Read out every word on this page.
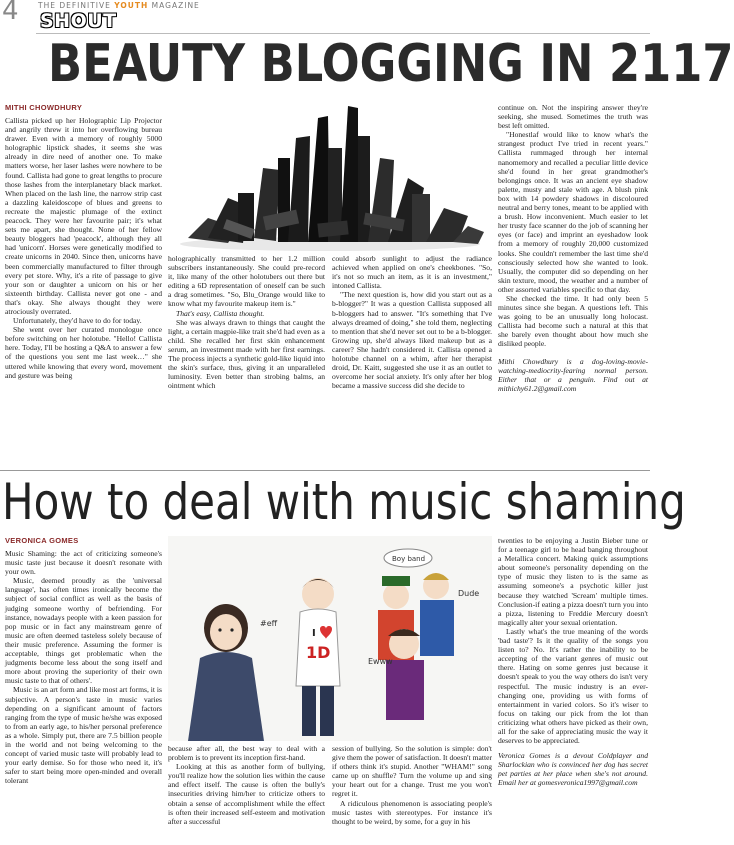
4	THE DEFINITIVE YOUTH MAGAZINE
SHOUT
BEAUTY BLOGGING IN 2117
MITHI CHOWDHURY

Callista picked up her Holographic Lip Projector and angrily threw it into her overflowing bureau drawer. Even with a memory of roughly 5000 holographic lipstick shades, it seems she was already in dire need of another one. To make matters worse, her laser lashes were nowhere to be found. Callista had gone to great lengths to procure those lashes from the interplanetary black market. When placed on the lash line, the narrow strip cast a dazzling kaleidoscope of blues and greens to recreate the majestic plumage of the extinct peacock. They were her favourite pair; it's what sets me apart, she thought. None of her fellow beauty bloggers had 'peacock', although they all had 'unicorn'. Horses were genetically modified to create unicorns in 2040. Since then, unicorns have been commercially manufactured to filter through every pet store. Why, it's a rite of passage to give your son or daughter a unicorn on his or her sixteenth birthday. Callista never got one - and that's okay. She always thought they were atrociously overrated.

Unfortunately, they'd have to do for today.

She went over her curated monologue once before switching on her holotube. "Hello! Callista here. Today, I'll be hosting a Q&A to answer a few of the questions you sent me last week…" she uttered while knowing that every word, movement and gesture was being

holographically transmitted to her 1.2 million subscribers instantaneously. She could pre-record it, like many of the other holotubers out there but editing a 6D representation of oneself can be such a drag sometimes. "So, Blu_Orange would like to know what my favourite makeup item is."

That's easy, Callista thought.

She was always drawn to things that caught the light, a certain magpie-like trait she'd had even as a child. She recalled her first skin enhancement serum, an investment made with her first earnings. The process injects a synthetic gold-like liquid into the skin's surface, thus, giving it an unparalleled luminosity. Even better than strobing balms, an ointment which

could absorb sunlight to adjust the radiance achieved when applied on one's cheekbones. "So, it's not so much an item, as it is an investment," intoned Callista.

"The next question is, how did you start out as a b-blogger?" It was a question Callista supposed all b-bloggers had to answer. "It's something that I've always dreamed of doing," she told them, neglecting to mention that she'd never set out to be a b-blogger. Growing up, she'd always liked makeup but as a career? She hadn't considered it. Callista opened a holotube channel on a whim, after her therapist droid, Dr. Kaitt, suggested she use it as an outlet to overcome her social anxiety. It's only after her blog became a massive success did she decide to

continue on. Not the inspiring answer they're seeking, she mused. Sometimes the truth was best left omitted.

"Honestlaf would like to know what's the strangest product I've tried in recent years." Callista rummaged through her internal nanomemory and recalled a peculiar little device she'd found in her great grandmother's belongings once. It was an ancient eye shadow palette, musty and stale with age. A blush pink box with 14 powdery shadows in discoloured neutral and berry tones, meant to be applied with a brush. How inconvenient. Much easier to let her trusty face scanner do the job of scanning her eyes (or face) and imprint an eyeshadow look from a memory of roughly 20,000 customized looks. She couldn't remember the last time she'd consciously selected how she wanted to look. Usually, the computer did so depending on her skin texture, mood, the weather and a number of other assorted variables specific to that day.

She checked the time. It had only been 5 minutes since she began. A questions left. This was going to be an unusually long holocast. Callista had become such a natural at this that she barely even thought about how much she disliked people.

Mithi Chowdhury is a dog-loving-movie-watching-mediocrity-fearing normal person. Either that or a penguin. Find out at mithichy61.2@gmail.com

How to deal with music shaming
VERONICA GOMES

Music Shaming: the act of criticizing someone's music taste just because it doesn't resonate with your own.

Music, deemed proudly as the 'universal language', has often times ironically become the subject of social conflict as well as the basis of judging someone worthy of befriending. For instance, nowadays people with a keen passion for pop music or in fact any mainstream genre of music are often deemed tasteless solely because of their music preference. Assuming the former is acceptable, things get problematic when the judgments become less about the song itself and more about proving the superiority of their own music taste to that of others'.

Music is an art form and like most art forms, it is subjective. A person's taste in music varies depending on a significant amount of factors ranging from the type of music he/she was exposed to from an early age, to his/her personal preference as a whole. Simply put, there are 7.5 billion people in the world and not being welcoming to the concept of varied music taste will probably lead to your early demise. So for those who need it, it's safer to start being more open-minded and overall tolerant

#eff
I
1D	Ewww
Boy band
Dude

because after all, the best way to deal with a problem is to prevent its inception first-hand.

Looking at this as another form of bullying, you'll realize how the solution lies within the cause and effect itself. The cause is often the bully's insecurities driving him/her to criticize others to obtain a sense of accomplishment while the effect is often their increased self-esteem and motivation after a successful

session of bullying. So the solution is simple: don't give them the power of satisfaction. It doesn't matter if others think it's stupid. Another "WHAM!" song came up on shuffle? Turn the volume up and sing your heart out for a change. Trust me you won't regret it.

A ridiculous phenomenon is associating people's music tastes with stereotypes. For instance it's thought to be weird, by some, for a guy in his

twenties to be enjoying a Justin Bieber tune or for a teenage girl to be head banging throughout a Metallica concert. Making quick assumptions about someone's personality depending on the type of music they listen to is the same as assuming someone's a psychotic killer just because they watched 'Scream' multiple times. Conclusion-if eating a pizza doesn't turn you into a pizza, listening to Freddie Mercury doesn't magically alter your sexual orientation.

Lastly what's the true meaning of the words 'bad taste'? Is it the quality of the songs you listen to? No. It's rather the inability to be accepting of the variant genres of music out there. Hating on some genres just because it doesn't speak to you the way others do isn't very respectful. The music industry is an ever-changing one, providing us with forms of entertainment in varied colors. So it's wiser to focus on taking our pick from the lot than criticizing what others have picked as their own, all for the sake of appreciating music the way it deserves to be appreciated.

Veronica Gomes is a devout Coldplayer and Sharlockian who is convinced her dog has secret pet parties at her place when she's not around. Email her at gomesveronica1997@gmail.com
